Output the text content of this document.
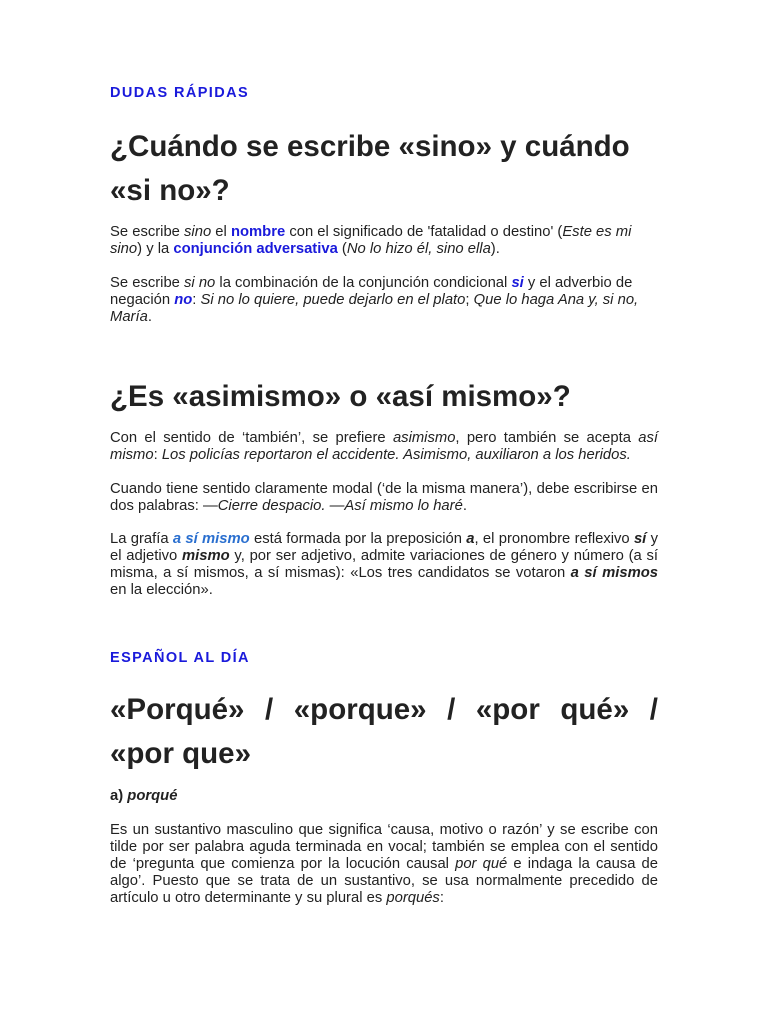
DUDAS RÁPIDAS

¿Cuándo se escribe «sino» y cuándo
«si no»?

Se escribe sino el nombre con el significado de 'fatalidad o destino' (Este es mi sino) y la conjunción adversativa (No lo hizo él, sino ella).

Se escribe si no la combinación de la conjunción condicional si y el adverbio de negación no: Si no lo quiere, puede dejarlo en el plato; Que lo haga Ana y, si no, María.

¿Es «asimismo» o «así mismo»?

Con el sentido de ‘también’, se prefiere asimismo, pero también se acepta así mismo: Los policías reportaron el accidente. Asimismo, auxiliaron a los heridos.

Cuando tiene sentido claramente modal (‘de la misma manera’), debe escribirse en dos palabras: —Cierre despacio. —Así mismo lo haré.

La grafía a sí mismo está formada por la preposición a, el pronombre reflexivo sí y el adjetivo mismo y, por ser adjetivo, admite variaciones de género y número (a sí misma, a sí mismos, a sí mismas): «Los tres candidatos se votaron a sí mismos en la elección».

ESPAÑOL AL DÍA

«Porqué» / «porque» / «por qué» /
«por que»

a) porqué

Es un sustantivo masculino que significa ‘causa, motivo o razón’ y se escribe con tilde por ser palabra aguda terminada en vocal; también se emplea con el sentido de ‘pregunta que comienza por la locución causal por qué e indaga la causa de algo’. Puesto que se trata de un sustantivo, se usa normalmente precedido de artículo u otro determinante y su plural es porqués:
